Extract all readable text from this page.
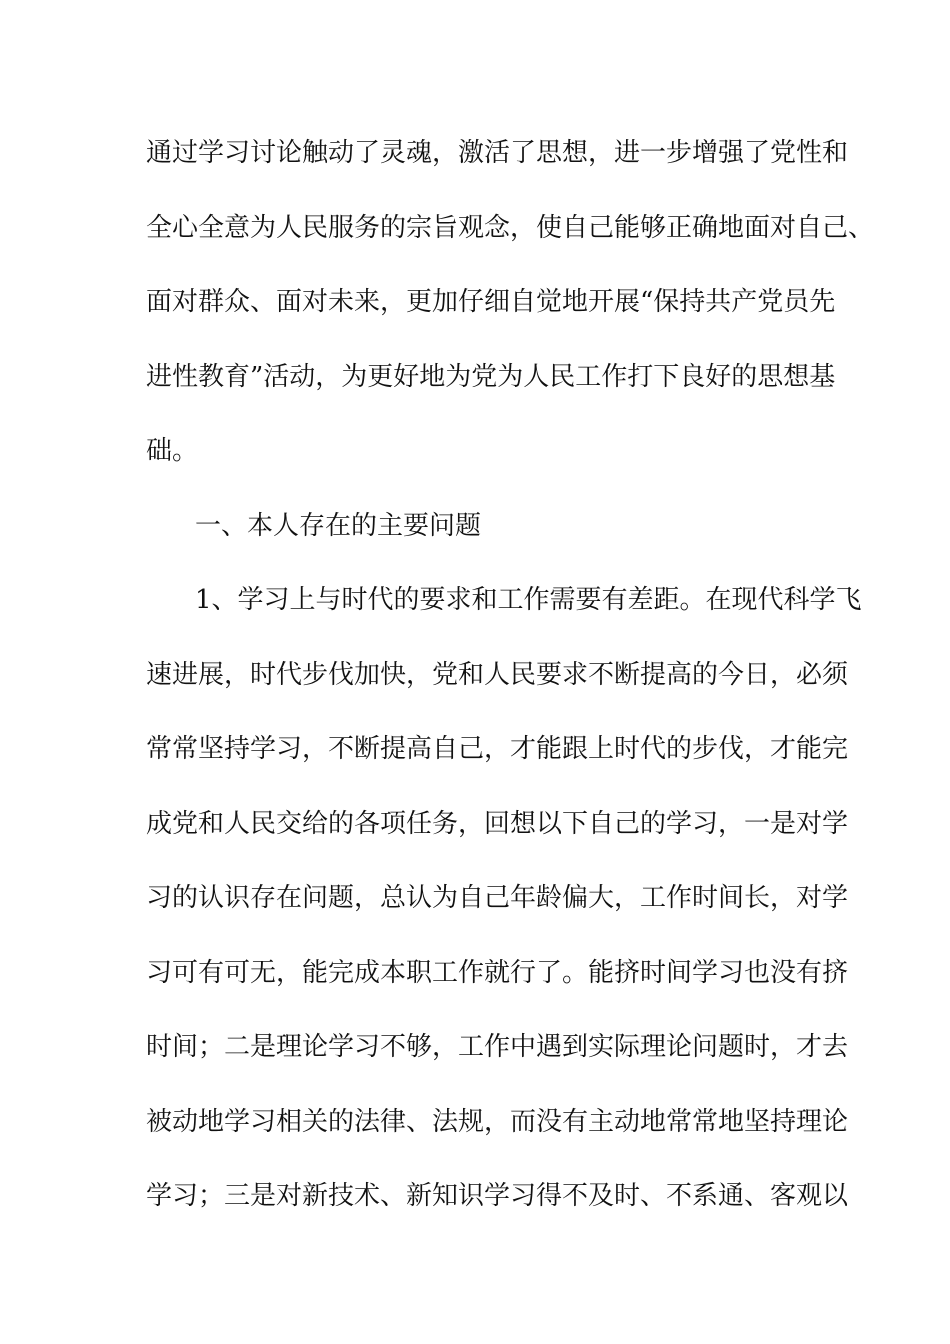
通过学习讨论触动了灵魂，激活了思想，进一步增强了党性和
全心全意为人民服务的宗旨观念，使自己能够正确地面对自己、
面对群众、面对未来，更加仔细自觉地开展“保持共产党员先
进性教育”活动，为更好地为党为人民工作打下良好的思想基
础。
一、本人存在的主要问题
1、学习上与时代的要求和工作需要有差距。在现代科学飞
速进展，时代步伐加快，党和人民要求不断提高的今日，必须
常常坚持学习，不断提高自己，才能跟上时代的步伐，才能完
成党和人民交给的各项任务，回想以下自己的学习，一是对学
习的认识存在问题，总认为自己年龄偏大，工作时间长，对学
习可有可无，能完成本职工作就行了。能挤时间学习也没有挤
时间；二是理论学习不够，工作中遇到实际理论问题时，才去
被动地学习相关的法律、法规，而没有主动地常常地坚持理论
学习；三是对新技术、新知识学习得不及时、不系通、客观以
